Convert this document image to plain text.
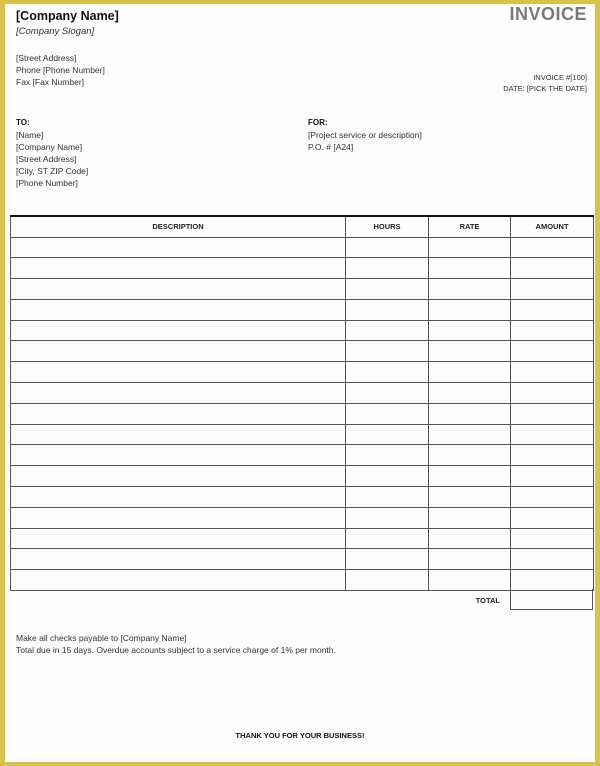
[Company Name]
[Company Slogan]
[Street Address]
Phone [Phone Number]
Fax [Fax Number]
INVOICE
INVOICE #[100]
DATE: [PICK THE DATE]
TO:
[Name]
[Company Name]
[Street Address]
[City, ST ZIP Code]
[Phone Number]
FOR:
[Project service or description]
P.O. # [A24]
DESCRIPTION	HOURS	RATE	AMOUNT

TOTAL
Make all checks payable to [Company Name]
Total due in 15 days. Overdue accounts subject to a service charge of 1% per month.
THANK YOU FOR YOUR BUSINESS!
